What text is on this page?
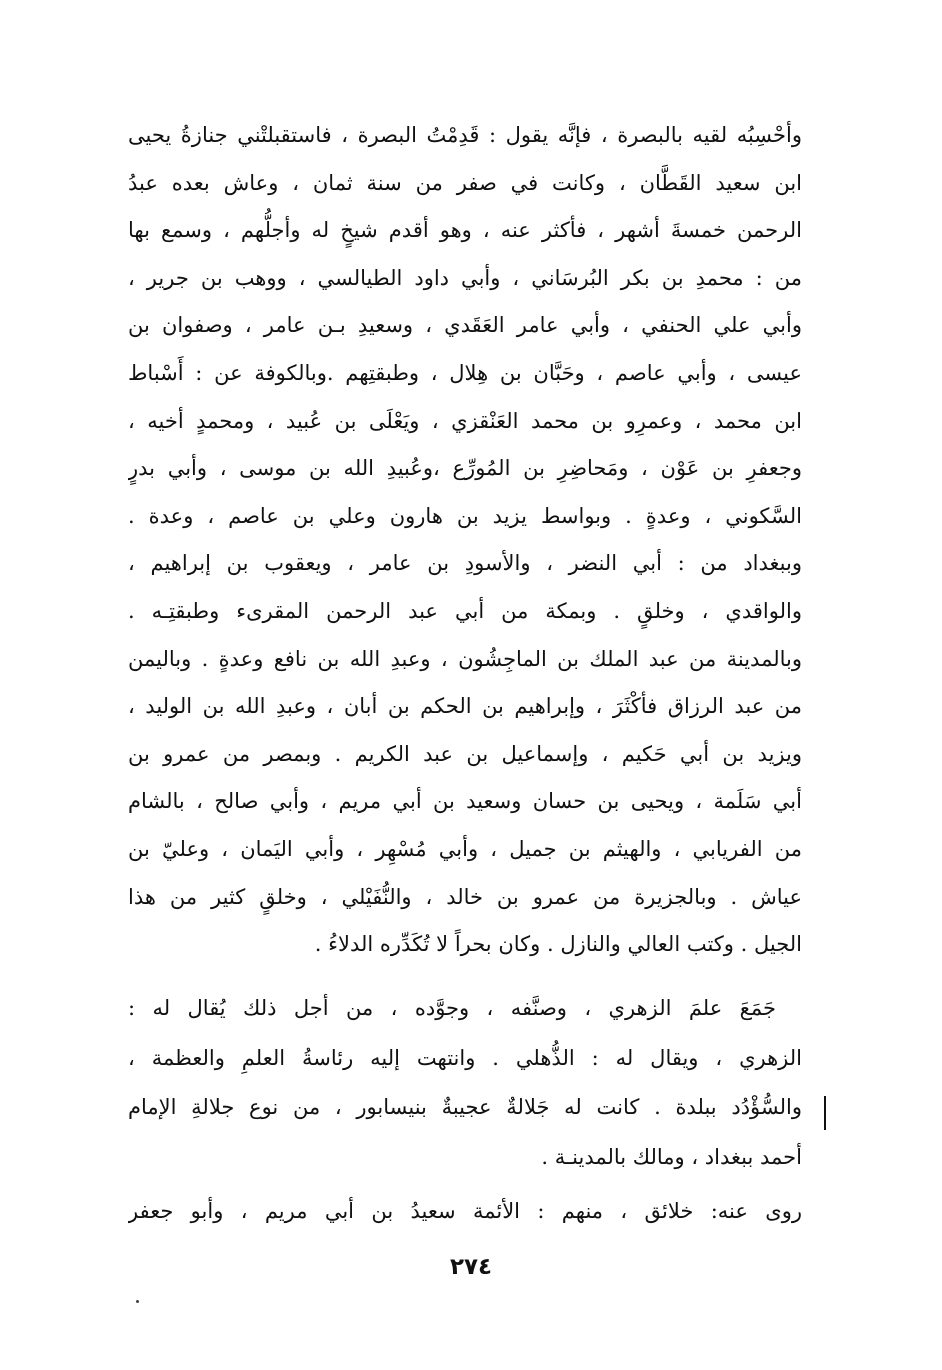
وأحْسِبُه لقيه بالبصرة ، فإنَّه يقول : قَدِمْتُ البصرة ، فاستقبلتْني جنازةُ يحيى
ابن سعيد القَطَّان ، وكانت في صفر من سنة ثمان ، وعاش بعده عبدُ
الرحمن خمسةَ أشهر ، فأكثر عنه ، وهو أقدم شيخٍ له وأجلُّهم ، وسمع بها
من : محمدِ بن بكر البُرسَاني ، وأبي داود الطيالسي ، ووهب بن جرير ،
وأبي علي الحنفي ، وأبي عامر العَقَدي ، وسعيدِ بـن عامر ، وصفوان بن
عيسى ، وأبي عاصم ، وحَبَّان بن هِلال ، وطبقتِهم .وبالكوفة عن : أَسْباط
ابن محمد ، وعمرِو بن محمد العَنْقزي ، ويَعْلَى بن عُبيد ، ومحمدٍ أخيه ،
وجعفرِ بن عَوْن ، ومَحاضِرِ بن المُورِّع ،وعُبيدِ الله بن موسى ، وأبي بدرٍ
السَّكوني ، وعدةٍ . وبواسط يزيد بن هارون وعلي بن عاصم ، وعدة .
وببغداد من : أبي النضر ، والأسودِ بن عامر ، ويعقوب بن إبراهيم ،
والواقدي ، وخلقٍ . وبمكة من أبي عبد الرحمن المقرىء وطبقتِـه .
وبالمدينة من عبد الملك بن الماجِشُون ، وعبدِ الله بن نافع وعدةٍ . وباليمن
من عبد الرزاق فأكْثَرَ ، وإبراهيم بن الحكم بن أبان ، وعبدِ الله بن الوليد ،
ويزيد بن أبي حَكيم ، وإسماعيل بن عبد الكريم . وبمصر من عمرو بن
أبي سَلَمة ، ويحيى بن حسان وسعيد بن أبي مريم ، وأبي صالح ، بالشام
من الفريابي ، والهيثم بن جميل ، وأبي مُسْهِر ، وأبي اليَمان ، وعليّ بن
عياش . وبالجزيرة من عمرو بن خالد ، والنُّفَيْلي ، وخلقٍ كثير من هذا
الجيل . وكتب العالي والنازل . وكان بحراً لا تُكَدِّره الدلاءُ .
جَمَعَ علمَ الزهري ، وصنَّفه ، وجوَّده ، من أجل ذلك يُقال له :
الزهري ، ويقال له : الذُّهلي . وانتهت إليه رئاسةُ العلمِ والعظمة ،
والسُّؤْدُد ببلدة . كانت له جَلالةٌ عجيبةٌ بنيسابور ، من نوع جلالةِ الإمام
أحمد ببغداد ، ومالك بالمدينـة .
روى عنه: خلائق ، منهم : الأئمة سعيدُ بن أبي مريم ، وأبو جعفر
٢٧٤
